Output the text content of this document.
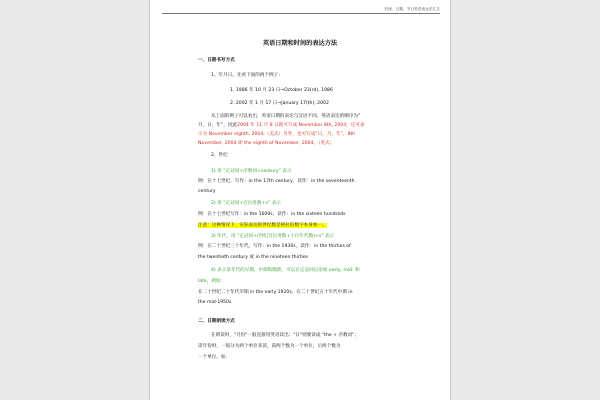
时间、日期、节日英语表达法汇总
英语日期和时间的表达方法
一、日期书写方式
1、年月日。先看下面的两个例子：
1. 1986 年 10 月 23 日→October 23(rd), 1986
2. 2002 年 1 月 17 日→January 17(th), 2002
从上面的例子可以看出，英语日期的表达与汉语不同。英语表达的顺序为“
月，日，年”，因此2004 年 11 月 8 日就可写成 November 8th, 2004，还可表
示为 November eighth, 2004,（美式）另外，也可写成“日，月，年”，8th
November, 2004 即 the eighth of November, 2004。（英式）
2、世纪
1) 用 “定冠词+序数词+century” 表示
例：在十七世纪，写作：in the 17th century，读作：in the seventeenth
century
2) 用 “定冠词+百位进数+s” 表示
例：在十七世纪写作：in the 1600s，读作：in the sixteen hundreds
注意：这种情况下，实际表达的世纪数是阿拉伯数字本身加一。
3) 年代，用 “定冠词+(世纪百位进数+十位年代数)+s” 表示
例：在二十世纪三十年代，写作：in the 1930s，读作：in the thirties of
the twentieth century 或 in the nineteen thirties
4) 表示某年代的早期，中期和晚期，可以在定冠词后添加 early, mid- 和
late，例如：
在二十世纪二十年代早期 in the early 1920s，在二十世纪五十年代中期 in
the mid-1950s
二、日期朗读方式
在朗读时，"月份"一般直接用英语读出；"日"则要读成 "the + 序数词"；
读年份时，一般分为两个单位来读，前两个数为一个单位，后两个数为
一个单位。如：
